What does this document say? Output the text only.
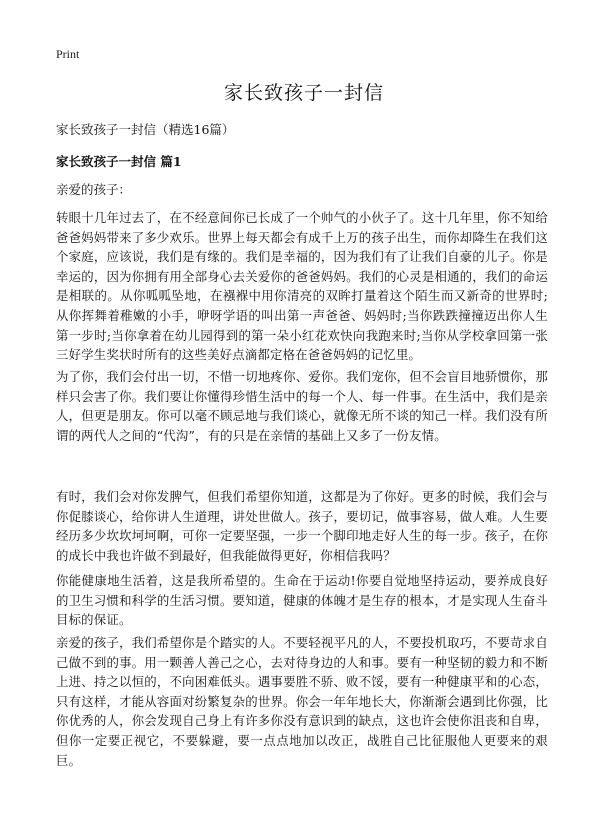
Print
家长致孩子一封信
家长致孩子一封信（精选16篇）
家长致孩子一封信 篇1
亲爱的孩子：

转眼十几年过去了，在不经意间你已长成了一个帅气的小伙子了。这十几年里，你不知给爸爸妈妈带来了多少欢乐。世界上每天都会有成千上万的孩子出生，而你却降生在我们这个家庭，应该说，我们是有缘的。我们是幸福的，因为我们有了让我们自豪的儿子。你是幸运的，因为你拥有用全部身心去关爱你的爸爸妈妈。我们的心灵是相通的，我们的命运是相联的。从你呱呱坠地，在襁褓中用你清亮的双眸打量着这个陌生而又新奇的世界时;从你挥舞着稚嫩的小手，咿呀学语的叫出第一声爸爸、妈妈时;当你跌跌撞撞迈出你人生第一步时;当你拿着在幼儿园得到的第一朵小红花欢快向我跑来时;当你从学校拿回第一张三好学生奖状时所有的这些美好点滴都定格在爸爸妈妈的记忆里。

为了你，我们会付出一切，不惜一切地疼你、爱你。我们宠你，但不会盲目地骄惯你，那样只会害了你。我们要让你懂得珍惜生活中的每一个人、每一件事。在生活中，我们是亲人，但更是朋友。你可以毫不顾忌地与我们谈心，就像无所不谈的知己一样。我们没有所谓的两代人之间的“代沟”，有的只是在亲情的基础上又多了一份友情。

有时，我们会对你发脾气，但我们希望你知道，这都是为了你好。更多的时候，我们会与你促膝谈心，给你讲人生道理，讲处世做人。孩子，要切记，做事容易，做人难。人生要经历多少坎坎坷坷啊，可你一定要坚强，一步一个脚印地走好人生的每一步。孩子，在你的成长中我也许做不到最好，但我能做得更好，你相信我吗？

你能健康地生活着，这是我所希望的。生命在于运动!你要自觉地坚持运动，要养成良好的卫生习惯和科学的生活习惯。要知道，健康的体魄才是生存的根本，才是实现人生奋斗目标的保证。

亲爱的孩子，我们希望你是个踏实的人。不要轻视平凡的人，不要投机取巧，不要苛求自己做不到的事。用一颗善人善己之心，去对待身边的人和事。要有一种坚韧的毅力和不断上进、持之以恒的，不向困难低头。遇事要胜不骄、败不馁，要有一种健康平和的心态，只有这样，才能从容面对纷繁复杂的世界。你会一年年地长大，你渐渐会遇到比你强，比你优秀的人，你会发现自己身上有许多你没有意识到的缺点，这也许会使你沮丧和自卑，但你一定要正视它，不要躲避，要一点点地加以改正，战胜自己比征服他人更要来的艰巨。
